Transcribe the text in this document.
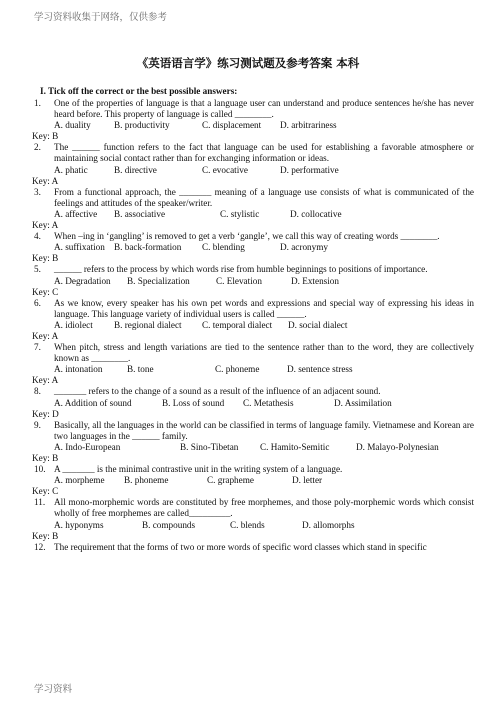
学习资料收集于网络，仅供参考
《英语语言学》练习测试题及参考答案 本科
I. Tick off the correct or the best possible answers:
1. One of the properties of language is that a language user can understand and produce sentences he/she has never heard before. This property of language is called ________.
A. duality	B. productivity	C. displacement	D. arbitrariness
Key: B
2. The ______ function refers to the fact that language can be used for establishing a favorable atmosphere or maintaining social contact rather than for exchanging information or ideas.
A. phatic	B. directive	C. evocative	D. performative
Key: A
3. From a functional approach, the _______ meaning of a language use consists of what is communicated of the feelings and attitudes of the speaker/writer.
A. affective	B. associative	C. stylistic	D. collocative
Key: A
4. When –ing in ‘gangling’ is removed to get a verb ‘gangle’, we call this way of creating words ________.
A. suffixation B. back-formation	C. blending	D. acronymy
Key: B
5. ______ refers to the process by which words rise from humble beginnings to positions of importance.
A. Degradation	B. Specialization	C. Elevation	D. Extension
Key: C
6. As we know, every speaker has his own pet words and expressions and special way of expressing his ideas in language. This language variety of individual users is called ______.
A. idiolect	B. regional dialect	C. temporal dialect	D. social dialect
Key: A
7. When pitch, stress and length variations are tied to the sentence rather than to the word, they are collectively known as ________.
A. intonation	B. tone	C. phoneme	D. sentence stress
Key: A
8. _______ refers to the change of a sound as a result of the influence of an adjacent sound.
A. Addition of sound	B. Loss of sound	C. Metathesis	D. Assimilation
Key: D
9. Basically, all the languages in the world can be classified in terms of language family. Vietnamese and Korean are two languages in the ______ family.
A. Indo-European	B. Sino-Tibetan	C. Hamito-Semitic	D. Malayo-Polynesian
Key: B
10. A _______ is the minimal contrastive unit in the writing system of a language.
A. morpheme	B. phoneme	C. grapheme	D. letter
Key: C
11. All mono-morphemic words are constituted by free morphemes, and those poly-morphemic words which consist wholly of free morphemes are called_________.
A. hyponyms	B. compounds	C. blends	D. allomorphs
Key: B
12. The requirement that the forms of two or more words of specific word classes which stand in specific
学习资料
